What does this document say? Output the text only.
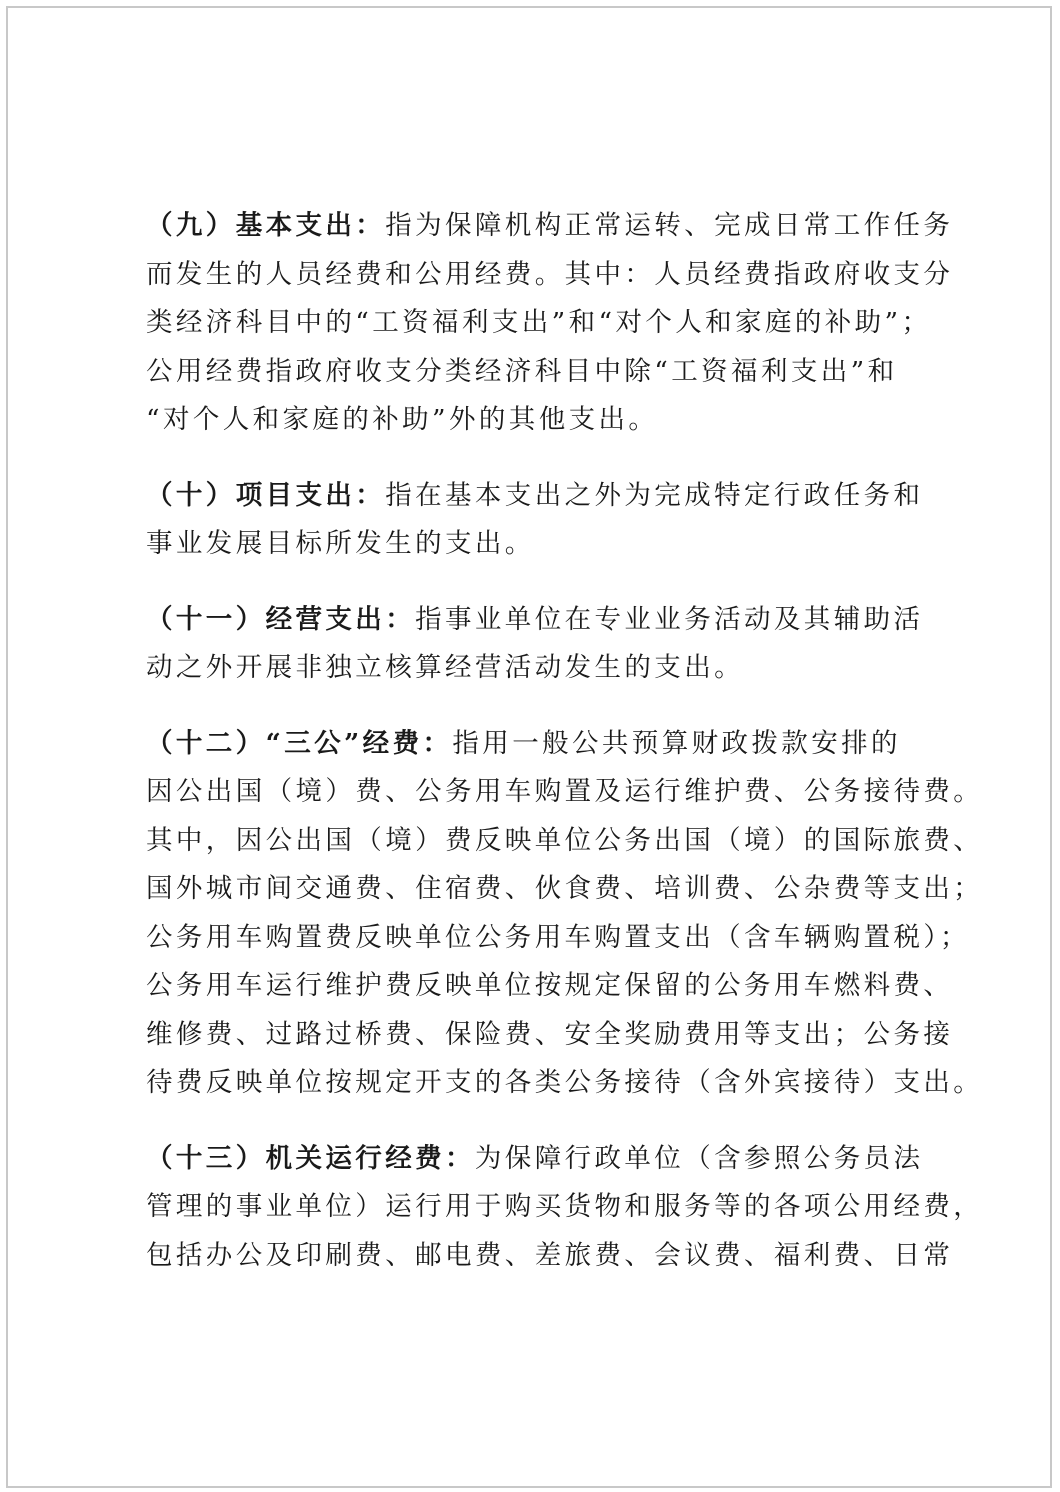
（九）基本支出：指为保障机构正常运转、完成日常工作任务
而发生的人员经费和公用经费。其中：人员经费指政府收支分
类经济科目中的“工资福利支出”和“对个人和家庭的补助”；
公用经费指政府收支分类经济科目中除“工资福利支出”和
“对个人和家庭的补助”外的其他支出。
（十）项目支出：指在基本支出之外为完成特定行政任务和
事业发展目标所发生的支出。
（十一）经营支出：指事业单位在专业业务活动及其辅助活
动之外开展非独立核算经营活动发生的支出。
（十二）“三公”经费：指用一般公共预算财政拨款安排的
因公出国（境）费、公务用车购置及运行维护费、公务接待费。
其中，因公出国（境）费反映单位公务出国（境）的国际旅费、
国外城市间交通费、住宿费、伙食费、培训费、公杂费等支出；
公务用车购置费反映单位公务用车购置支出（含车辆购置税）；
公务用车运行维护费反映单位按规定保留的公务用车燃料费、
维修费、过路过桥费、保险费、安全奖励费用等支出；公务接
待费反映单位按规定开支的各类公务接待（含外宾接待）支出。
（十三）机关运行经费：为保障行政单位（含参照公务员法
管理的事业单位）运行用于购买货物和服务等的各项公用经费，
包括办公及印刷费、邮电费、差旅费、会议费、福利费、日常
